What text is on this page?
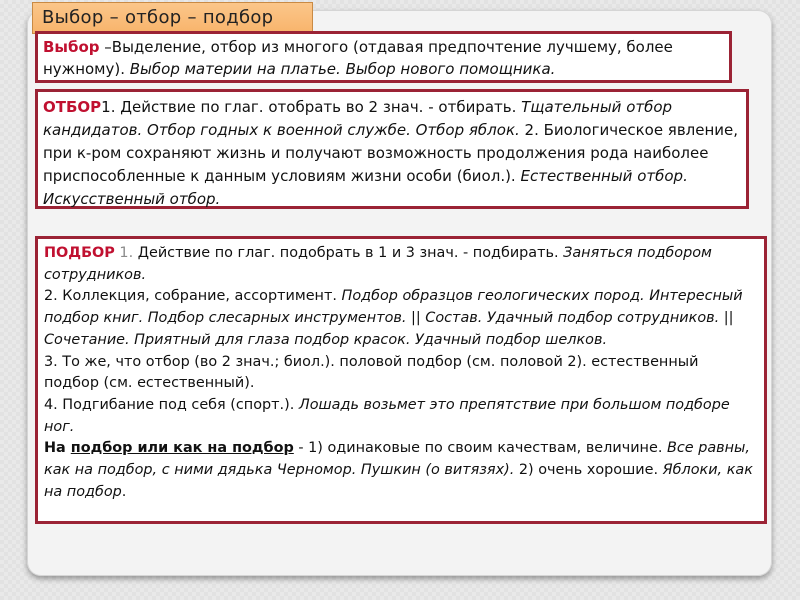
Выбор – отбор – подбор
Выбор –Выделение, отбор из многого (отдавая предпочтение лучшему, более нужному). Выбор материи на платье. Выбор нового помощника.
ОТБОР1. Действие по глаг. отобрать во 2 знач. - отбирать. Тщательный отбор кандидатов. Отбор годных к военной службе. Отбор яблок. 2. Биологическое явление, при к-ром сохраняют жизнь и получают возможность продолжения рода наиболее приспособленные к данным условиям жизни особи (биол.). Естественный отбор. Искусственный отбор.

ПОДБОР 1. Действие по глаг. подобрать в 1 и 3 знач. - подбирать. Заняться подбором сотрудников.

2. Коллекция, собрание, ассортимент. Подбор образцов геологических пород. Интересный подбор книг. Подбор слесарных инструментов. || Состав. Удачный подбор сотрудников. || Сочетание. Приятный для глаза подбор красок. Удачный подбор шелков.

3. То же, что отбор (во 2 знач.; биол.). половой подбор (см. половой 2). естественный подбор (см. естественный).

4. Подгибание под себя (спорт.). Лошадь возьмет это препятствие при большом подборе ног.

На подбор или как на подбор - 1) одинаковые по своим качествам, величине. Все равны, как на подбор, с ними дядька Черномор. Пушкин (о витязях). 2) очень хорошие. Яблоки, как на подбор.
